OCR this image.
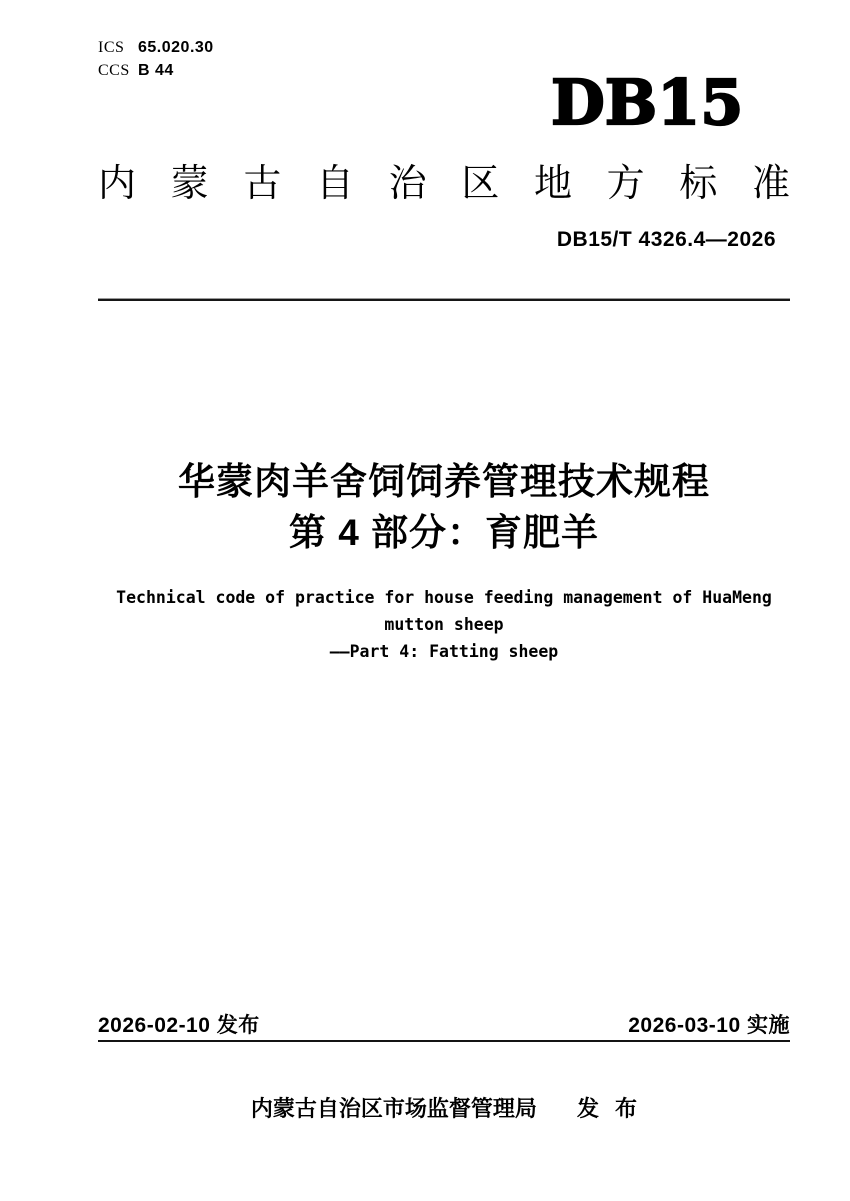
ICS 65.020.30
CCS B 44	DB15
内 蒙 古 自 治 区 地 方 标 准
DB15/T 4326.4—2026
华蒙肉羊舍饲饲养管理技术规程
第 4 部分：育肥羊
Technical code of practice for house feeding management of HuaMeng
mutton sheep
——Part 4: Fatting sheep
2026-02-10 发布	2026-03-10 实施
内蒙古自治区市场监督管理局 发 布
